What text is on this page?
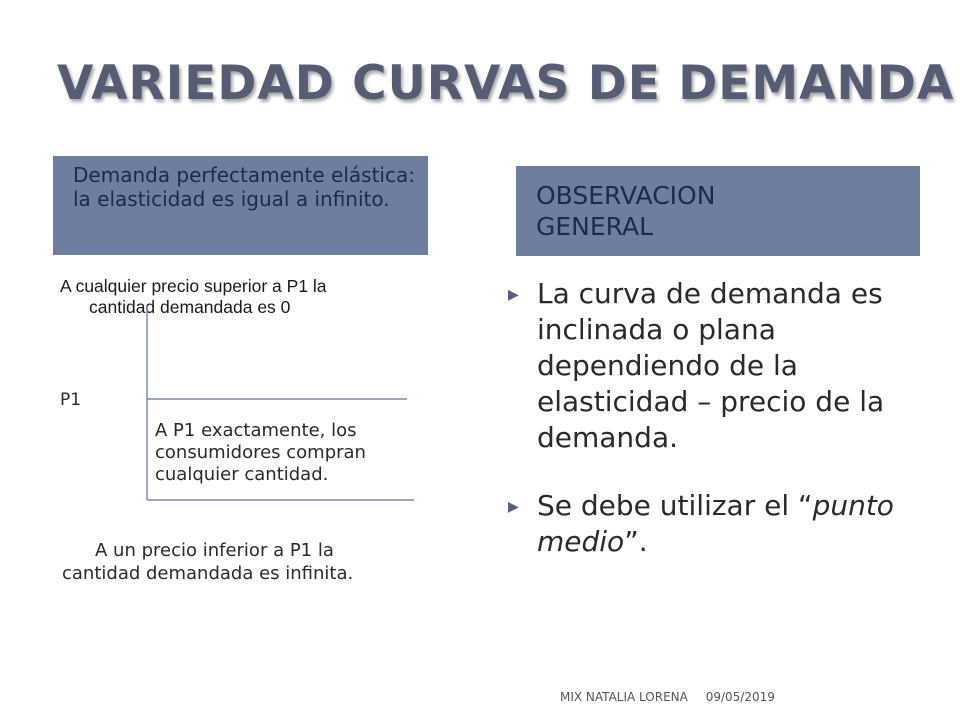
VARIEDAD CURVAS DE DEMANDA
Demanda perfectamente elástica: la elasticidad es igual a infinito.	OBSERVACION GENERAL
A cualquier precio superior a P1 la
cantidad demandada es 0
P1
A P1 exactamente, los consumidores compran cualquier cantidad.
A un precio inferior a P1 la
cantidad demandada es infinita.
▶ La curva de demanda es inclinada o plana dependiendo de la elasticidad – precio de la demanda.
▶ Se debe utilizar el “punto medio”.
MIX NATALIA LORENA 09/05/2019
